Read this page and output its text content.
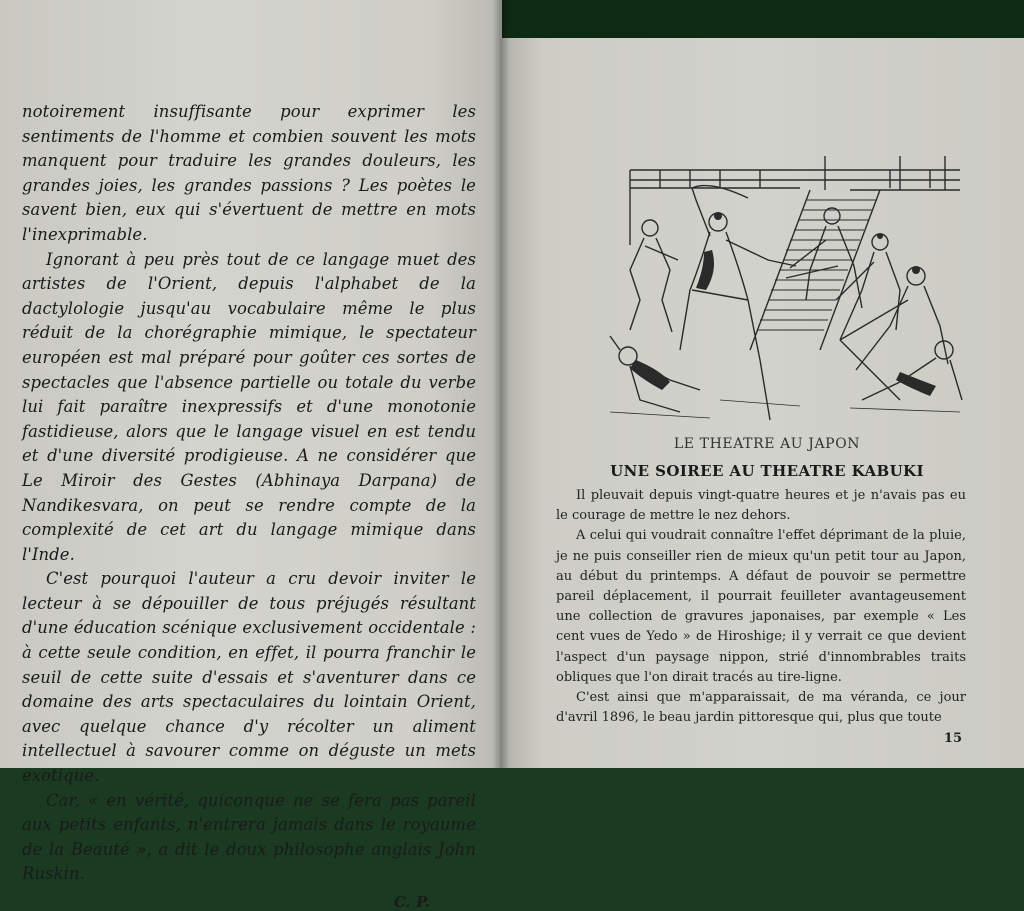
notoirement insuffisante pour exprimer les sentiments de l'homme et combien souvent les mots manquent pour traduire les grandes douleurs, les grandes joies, les grandes passions ? Les poètes le savent bien, eux qui s'évertuent de mettre en mots l'inexprimable.

Ignorant à peu près tout de ce langage muet des artistes de l'Orient, depuis l'alphabet de la dactylologie jusqu'au vocabulaire même le plus réduit de la chorégraphie mimique, le spectateur européen est mal préparé pour goûter ces sortes de spectacles que l'absence partielle ou totale du verbe lui fait paraître inexpressifs et d'une monotonie fastidieuse, alors que le langage visuel en est tendu et d'une diversité prodigieuse. A ne considérer que Le Miroir des Gestes (Abhinaya Darpana) de Nandikesvara, on peut se rendre compte de la complexité de cet art du langage mimique dans l'Inde.

C'est pourquoi l'auteur a cru devoir inviter le lecteur à se dépouiller de tous préjugés résultant d'une éducation scénique exclusivement occidentale : à cette seule condition, en effet, il pourra franchir le seuil de cette suite d'essais et s'aventurer dans ce domaine des arts spectaculaires du lointain Orient, avec quelque chance d'y récolter un aliment intellectuel à savourer comme on déguste un mets exotique.

Car, « en vérité, quiconque ne se fera pas pareil aux petits enfants, n'entrera jamais dans le royaume de la Beauté », a dit le doux philosophe anglais John Ruskin.

C. P.
LE THEATRE AU JAPON
UNE SOIREE AU THEATRE KABUKI

Il pleuvait depuis vingt-quatre heures et je n'avais pas eu le courage de mettre le nez dehors.

A celui qui voudrait connaître l'effet déprimant de la pluie, je ne puis conseiller rien de mieux qu'un petit tour au Japon, au début du printemps. A défaut de pouvoir se permettre pareil déplacement, il pourrait feuilleter avantageusement une collection de gravures japonaises, par exemple « Les cent vues de Yedo » de Hiroshige; il y verrait ce que devient l'aspect d'un paysage nippon, strié d'innombrables traits obliques que l'on dirait tracés au tire-ligne.

C'est ainsi que m'apparaissait, de ma véranda, ce jour d'avril 1896, le beau jardin pittoresque qui, plus que toute

15
